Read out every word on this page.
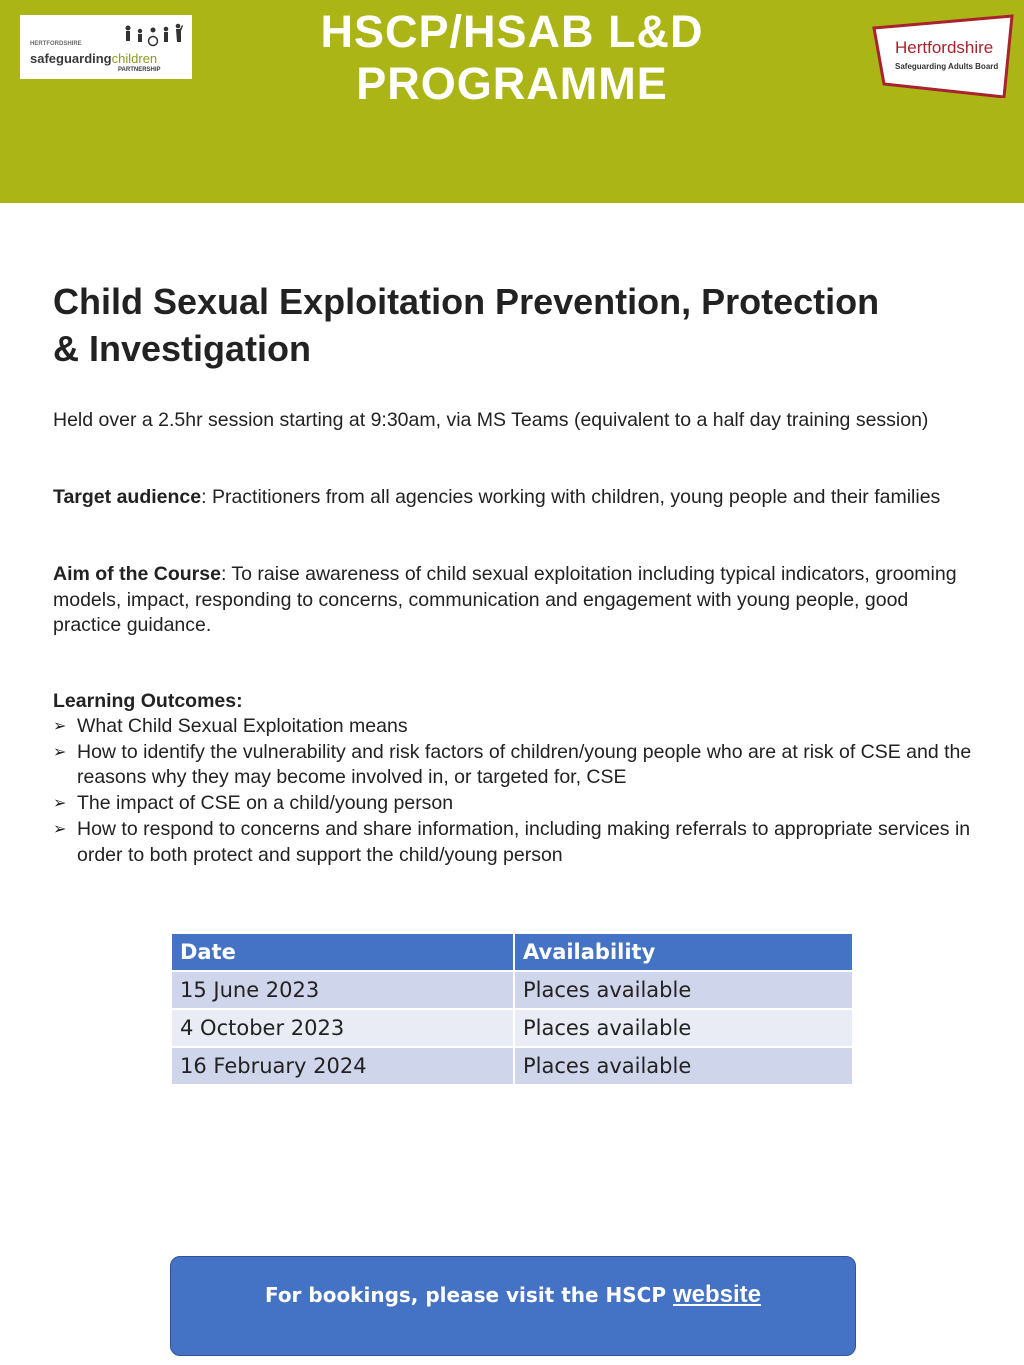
HERTFORDSHIRE
safeguardingchildren
PARTNERSHIP
HSCP/HSAB L&D
PROGRAMME
Hertfordshire
Safeguarding Adults Board
Child Sexual Exploitation Prevention, Protection
& Investigation

Held over a 2.5hr session starting at 9:30am, via MS Teams (equivalent to a half day training session)

Target audience: Practitioners from all agencies working with children, young people and their families

Aim of the Course: To raise awareness of child sexual exploitation including typical indicators, grooming models, impact, responding to concerns, communication and engagement with young people, good practice guidance.

Learning Outcomes:
➢ What Child Sexual Exploitation means
➢ How to identify the vulnerability and risk factors of children/young people who are at risk of CSE and the reasons why they may become involved in, or targeted for, CSE
➢ The impact of CSE on a child/young person
➢ How to respond to concerns and share information, including making referrals to appropriate services in order to both protect and support the child/young person
Date	Availability
15 June 2023	Places available
4 October 2023	Places available
16 February 2024	Places available
For bookings, please visit the HSCP website
